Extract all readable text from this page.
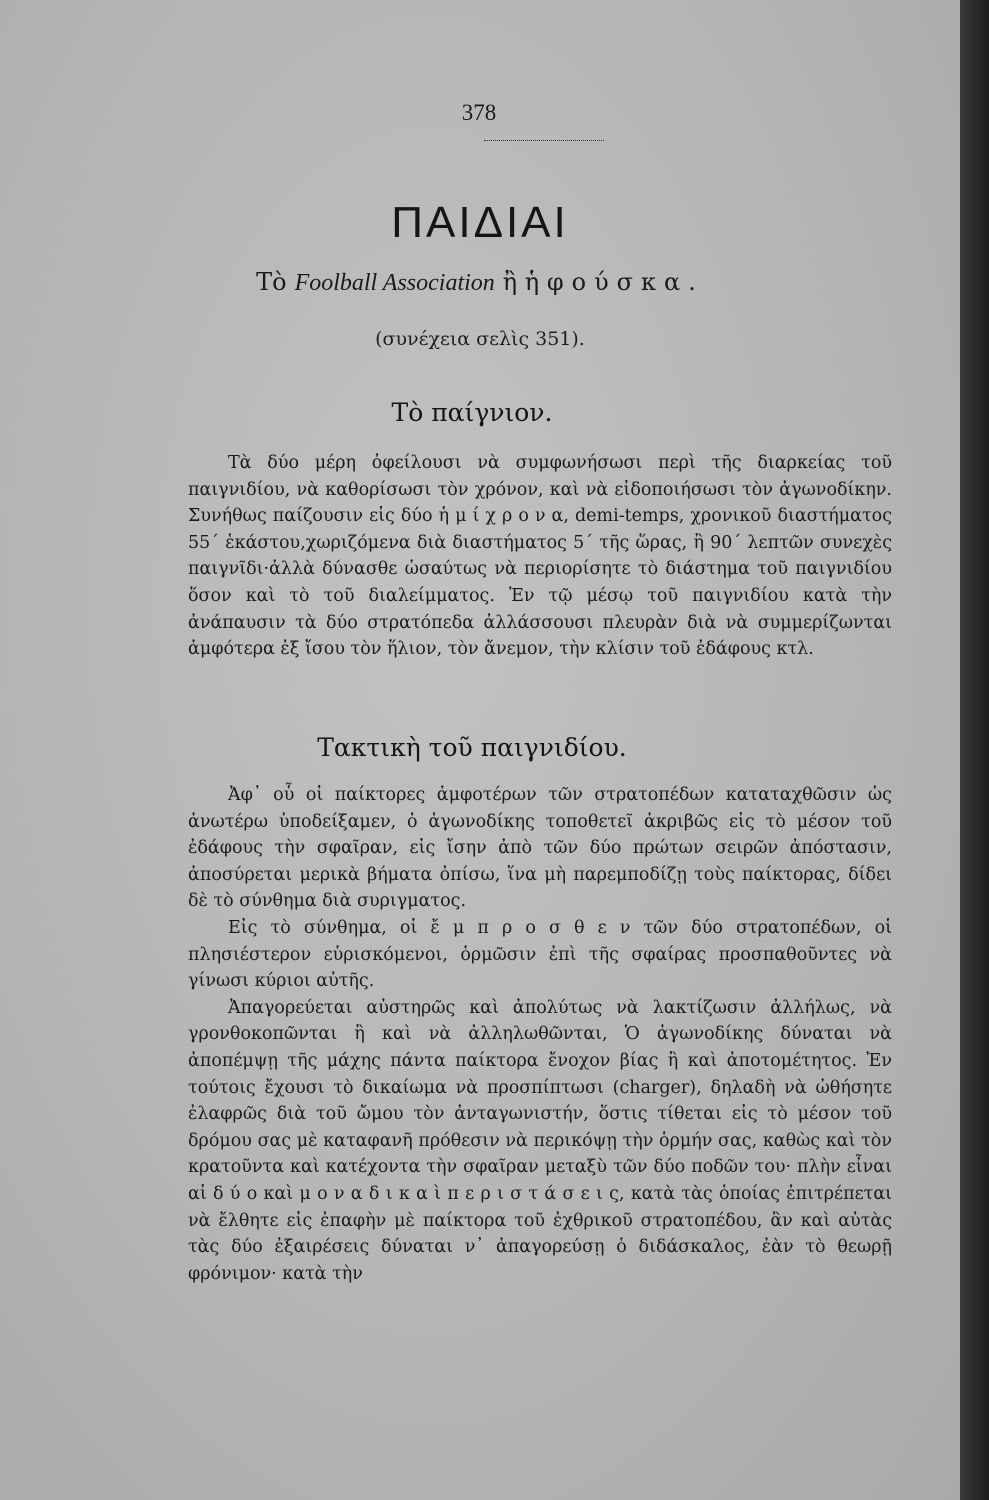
378
ΠΑΙΔΙΑΙ

Τὸ Foolball Association ἢ ἡ φούσκα.

(συνέχεια σελὶς 351).

Τὸ παίγνιον.

Τὰ δύο μέρη ὀφείλουσι νὰ συμφωνήσωσι περὶ τῆς διαρκείας τοῦ παιγνιδίου, νὰ καθορίσωσι τὸν χρόνον, καὶ νὰ εἰδοποιήσωσι τὸν ἀγωνοδίκην. Συνήθως παίζουσιν εἰς δύο ἡ μ ί χ ρ ο ν α, demi-temps, χρονικοῦ διαστήματος 55΄ ἑκάστου,χωριζόμενα διὰ διαστήματος 5΄ τῆς ὥρας, ἢ 90΄ λεπτῶν συνεχὲς παιγνῖδι·ἀλλὰ δύνασθε ὡσαύτως νὰ περιορίσητε τὸ διάστημα τοῦ παιγνιδίου ὅσον καὶ τὸ τοῦ διαλείμματος. Ἐν τῷ μέσῳ τοῦ παιγνιδίου κατὰ τὴν ἀνάπαυσιν τὰ δύο στρατόπεδα ἀλλάσσουσι πλευρὰν διὰ νὰ συμμερίζωνται ἀμφότερα ἐξ ἴσου τὸν ἥλιον, τὸν ἄνεμον, τὴν κλίσιν τοῦ ἐδάφους κτλ.

Τακτικὴ τοῦ παιγνιδίου.

Ἀφ᾿ οὗ οἱ παίκτορες ἀμφοτέρων τῶν στρατοπέδων καταταχθῶσιν ὡς ἀνωτέρω ὑποδείξαμεν, ὁ ἀγωνοδίκης τοποθετεῖ ἀκριβῶς εἰς τὸ μέσον τοῦ ἐδάφους τὴν σφαῖραν, εἰς ἴσην ἀπὸ τῶν δύο πρώτων σειρῶν ἀπόστασιν, ἀποσύρεται μερικὰ βήματα ὀπίσω, ἵνα μὴ παρεμποδίζῃ τοὺς παίκτορας, δίδει δὲ τὸ σύνθημα διὰ συριγματος.

Εἰς τὸ σύνθημα, οἱ ἔ μ π ρ ο σ θ ε ν τῶν δύο στρατοπέδων, οἱ πλησιέστερον εὑρισκόμενοι, ὁρμῶσιν ἐπὶ τῆς σφαίρας προσπαθοῦντες νὰ γίνωσι κύριοι αὐτῆς.

Ἀπαγορεύεται αὐστηρῶς καὶ ἀπολύτως νὰ λακτίζωσιν ἀλλήλως, νὰ γρονθοκοπῶνται ἢ καὶ νὰ ἀλληλωθῶνται, Ὁ ἀγωνοδίκης δύναται νὰ ἀποπέμψῃ τῆς μάχης πάντα παίκτορα ἔνοχον βίας ἢ καὶ ἀποτομέτητος. Ἐν τούτοις ἔχουσι τὸ δικαίωμα νὰ προσπίπτωσι (charger), δηλαδὴ νὰ ὠθήσητε ἐλαφρῶς διὰ τοῦ ὤμου τὸν ἀνταγωνιστήν, ὅστις τίθεται εἰς τὸ μέσον τοῦ δρόμου σας μὲ καταφανῆ πρόθεσιν νὰ περικόψῃ τὴν ὁρμήν σας, καθὼς καὶ τὸν κρατοῦντα καὶ κατέχοντα τὴν σφαῖραν μεταξὺ τῶν δύο ποδῶν του· πλὴν εἶναι αἱ δ ύ ο καὶ μ ο ν α δ ι κ α ὶ π ε ρ ι σ τ ά σ ε ι ς, κατὰ τὰς ὁποίας ἐπιτρέπεται νὰ ἔλθητε εἰς ἐπαφὴν μὲ παίκτορα τοῦ ἐχθρικοῦ στρατοπέδου, ἂν καὶ αὐτὰς τὰς δύο ἐξαιρέσεις δύναται ν᾿ ἀπαγορεύσῃ ὁ διδάσκαλος, ἐὰν τὸ θεωρῇ φρόνιμον· κατὰ τὴν
